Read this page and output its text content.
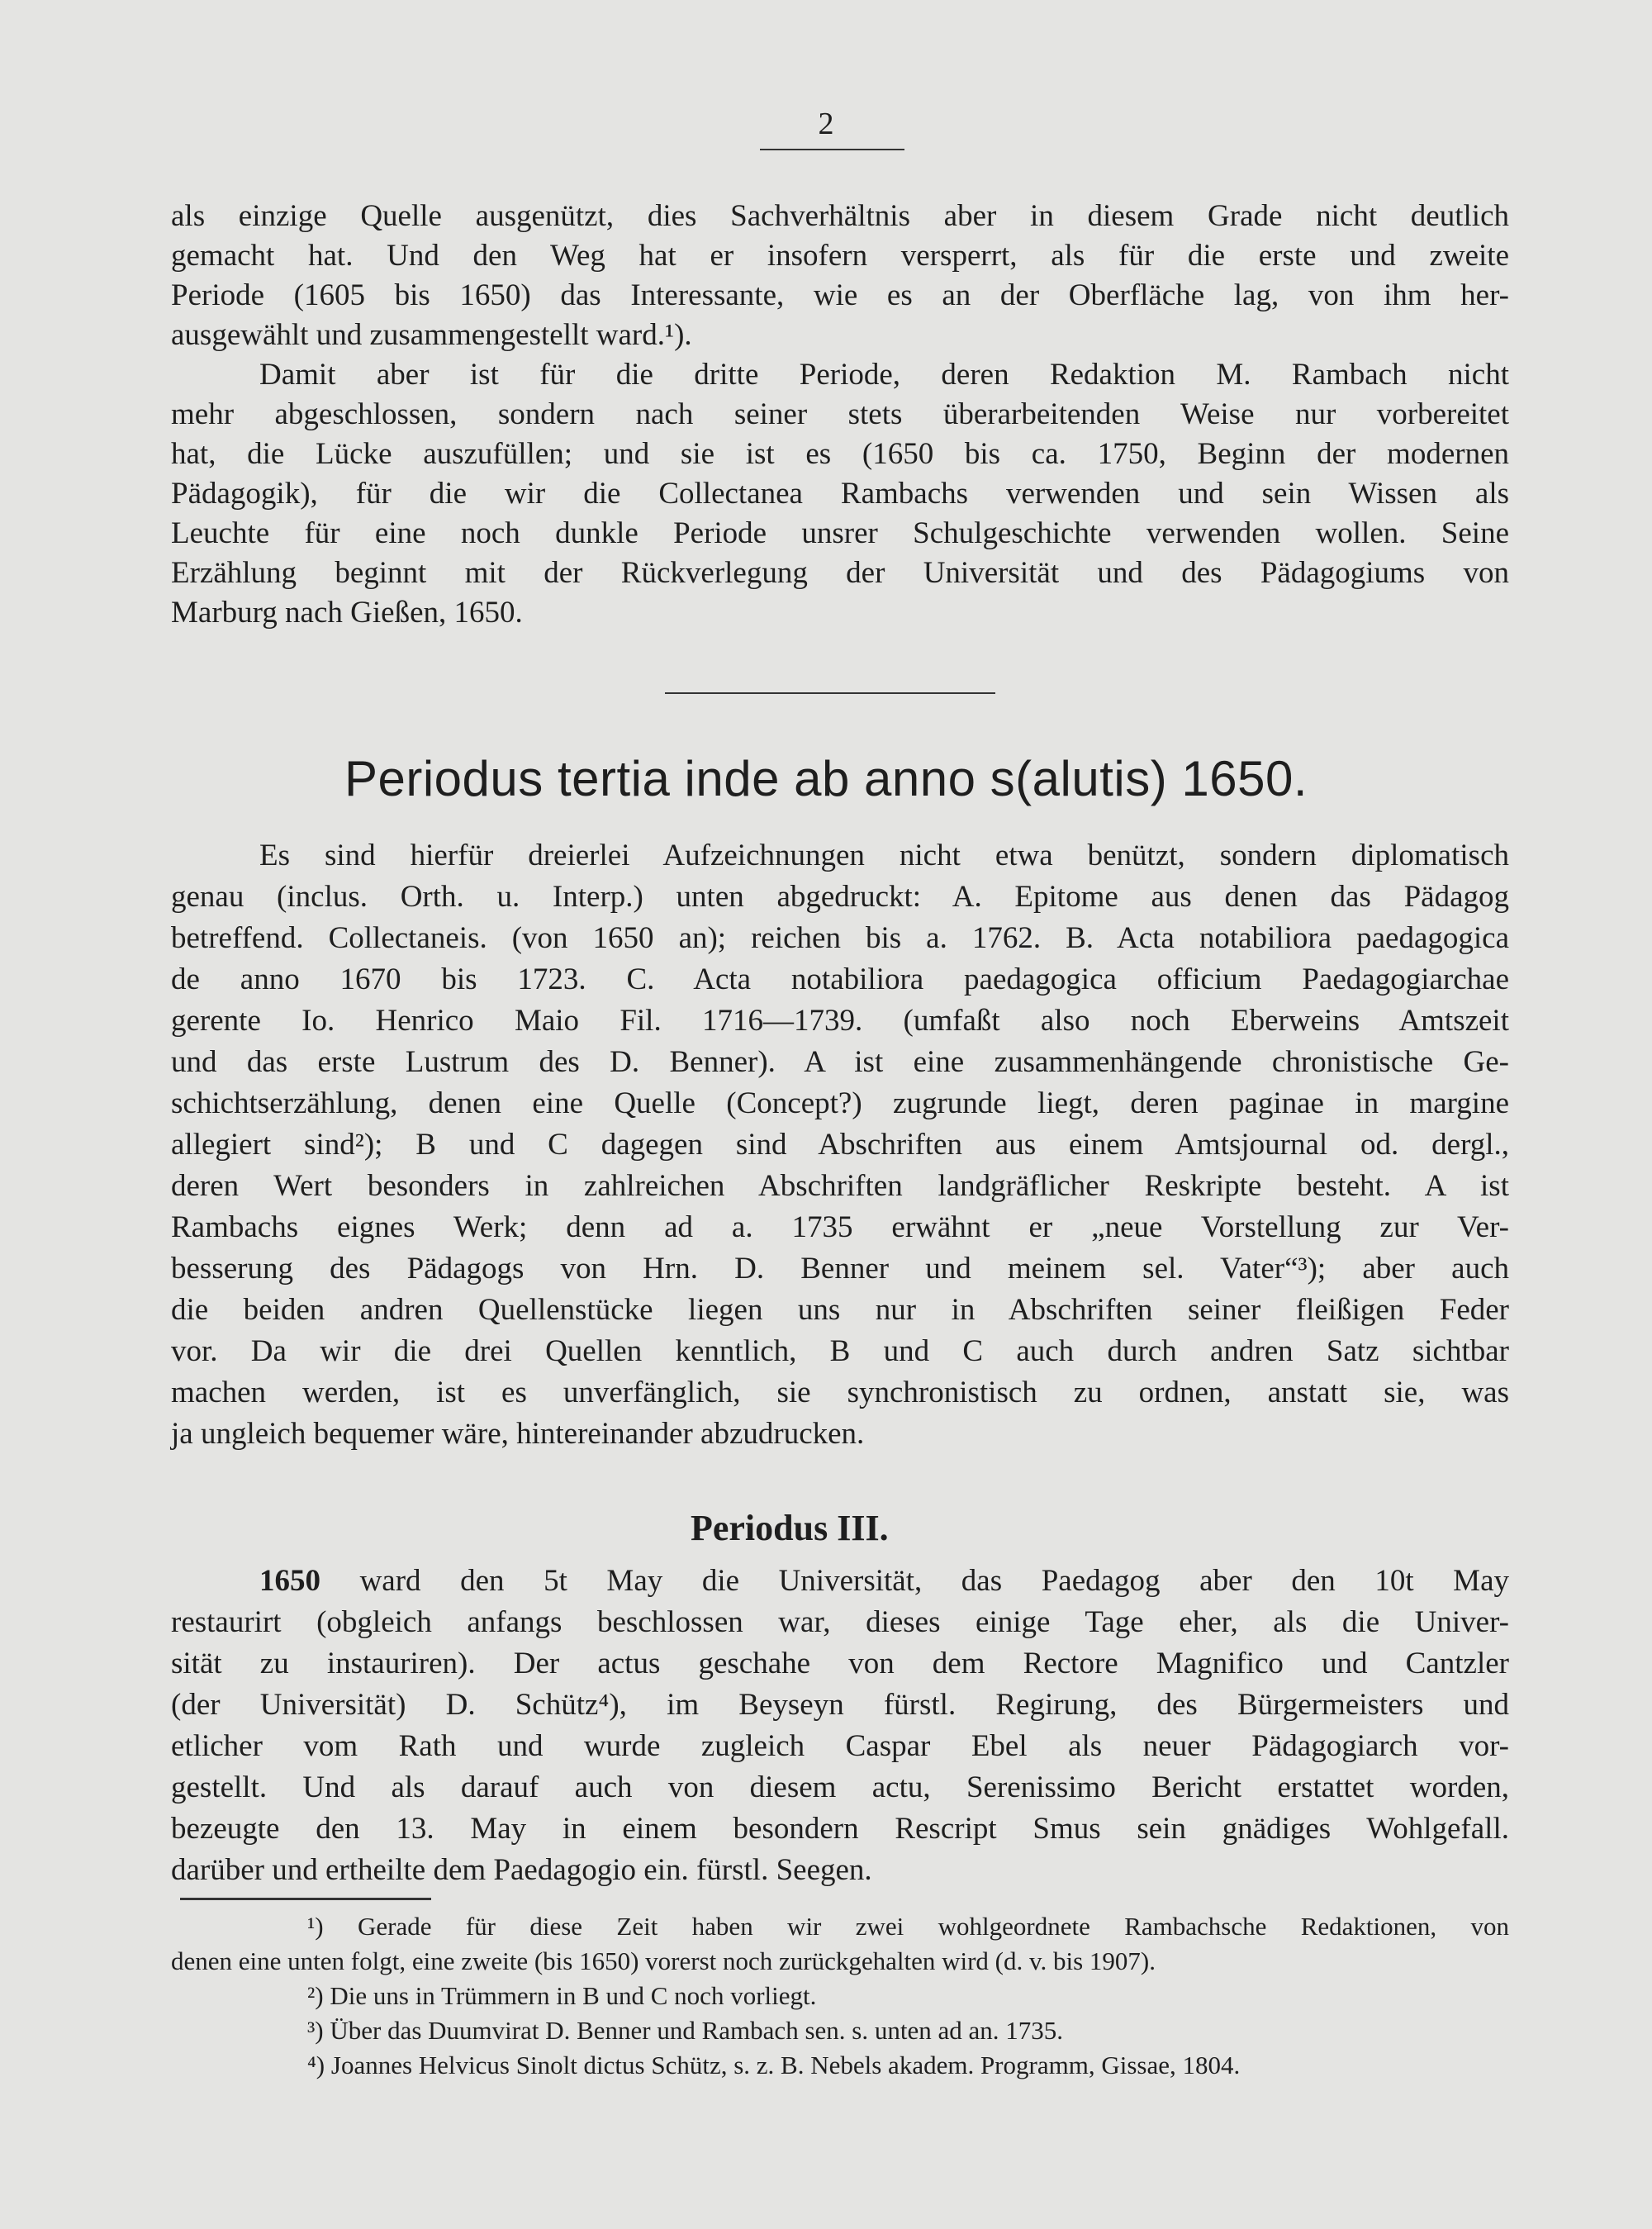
2
als einzige Quelle ausgenützt, dies Sachverhältnis aber in diesem Grade nicht deutlich
gemacht hat. Und den Weg hat er insofern versperrt, als für die erste und zweite
Periode (1605 bis 1650) das Interessante, wie es an der Oberfläche lag, von ihm her-
ausgewählt und zusammengestellt ward.¹).
Damit aber ist für die dritte Periode, deren Redaktion M. Rambach nicht
mehr abgeschlossen, sondern nach seiner stets überarbeitenden Weise nur vorbereitet
hat, die Lücke auszufüllen; und sie ist es (1650 bis ca. 1750, Beginn der modernen
Pädagogik), für die wir die Collectanea Rambachs verwenden und sein Wissen als
Leuchte für eine noch dunkle Periode unsrer Schulgeschichte verwenden wollen. Seine
Erzählung beginnt mit der Rückverlegung der Universität und des Pädagogiums von
Marburg nach Gießen, 1650.
Periodus tertia inde ab anno s(alutis) 1650.
Es sind hierfür dreierlei Aufzeichnungen nicht etwa benützt, sondern diplomatisch
genau (inclus. Orth. u. Interp.) unten abgedruckt: A. Epitome aus denen das Pädagog
betreffend. Collectaneis. (von 1650 an); reichen bis a. 1762. B. Acta notabiliora paedagogica
de anno 1670 bis 1723. C. Acta notabiliora paedagogica officium Paedagogiarchae
gerente Io. Henrico Maio Fil. 1716—1739. (umfaßt also noch Eberweins Amtszeit
und das erste Lustrum des D. Benner). A ist eine zusammenhängende chronistische Ge-
schichtserzählung, denen eine Quelle (Concept?) zugrunde liegt, deren paginae in margine
allegiert sind²); B und C dagegen sind Abschriften aus einem Amtsjournal od. dergl.,
deren Wert besonders in zahlreichen Abschriften landgräflicher Reskripte besteht. A ist
Rambachs eignes Werk; denn ad a. 1735 erwähnt er „neue Vorstellung zur Ver-
besserung des Pädagogs von Hrn. D. Benner und meinem sel. Vater“³); aber auch
die beiden andren Quellenstücke liegen uns nur in Abschriften seiner fleißigen Feder
vor. Da wir die drei Quellen kenntlich, B und C auch durch andren Satz sichtbar
machen werden, ist es unverfänglich, sie synchronistisch zu ordnen, anstatt sie, was
ja ungleich bequemer wäre, hintereinander abzudrucken.
Periodus III.
1650 ward den 5t May die Universität, das Paedagog aber den 10t May
restaurirt (obgleich anfangs beschlossen war, dieses einige Tage eher, als die Univer-
sität zu instauriren). Der actus geschahe von dem Rectore Magnifico und Cantzler
(der Universität) D. Schütz⁴), im Beyseyn fürstl. Regirung, des Bürgermeisters und
etlicher vom Rath und wurde zugleich Caspar Ebel als neuer Pädagogiarch vor-
gestellt. Und als darauf auch von diesem actu, Serenissimo Bericht erstattet worden,
bezeugte den 13. May in einem besondern Rescript Smus sein gnädiges Wohlgefall.
darüber und ertheilte dem Paedagogio ein. fürstl. Seegen.
¹) Gerade für diese Zeit haben wir zwei wohlgeordnete Rambachsche Redaktionen, von
denen eine unten folgt, eine zweite (bis 1650) vorerst noch zurückgehalten wird (d. v. bis 1907).
²) Die uns in Trümmern in B und C noch vorliegt.
³) Über das Duumvirat D. Benner und Rambach sen. s. unten ad an. 1735.
⁴) Joannes Helvicus Sinolt dictus Schütz, s. z. B. Nebels akadem. Programm, Gissae, 1804.
